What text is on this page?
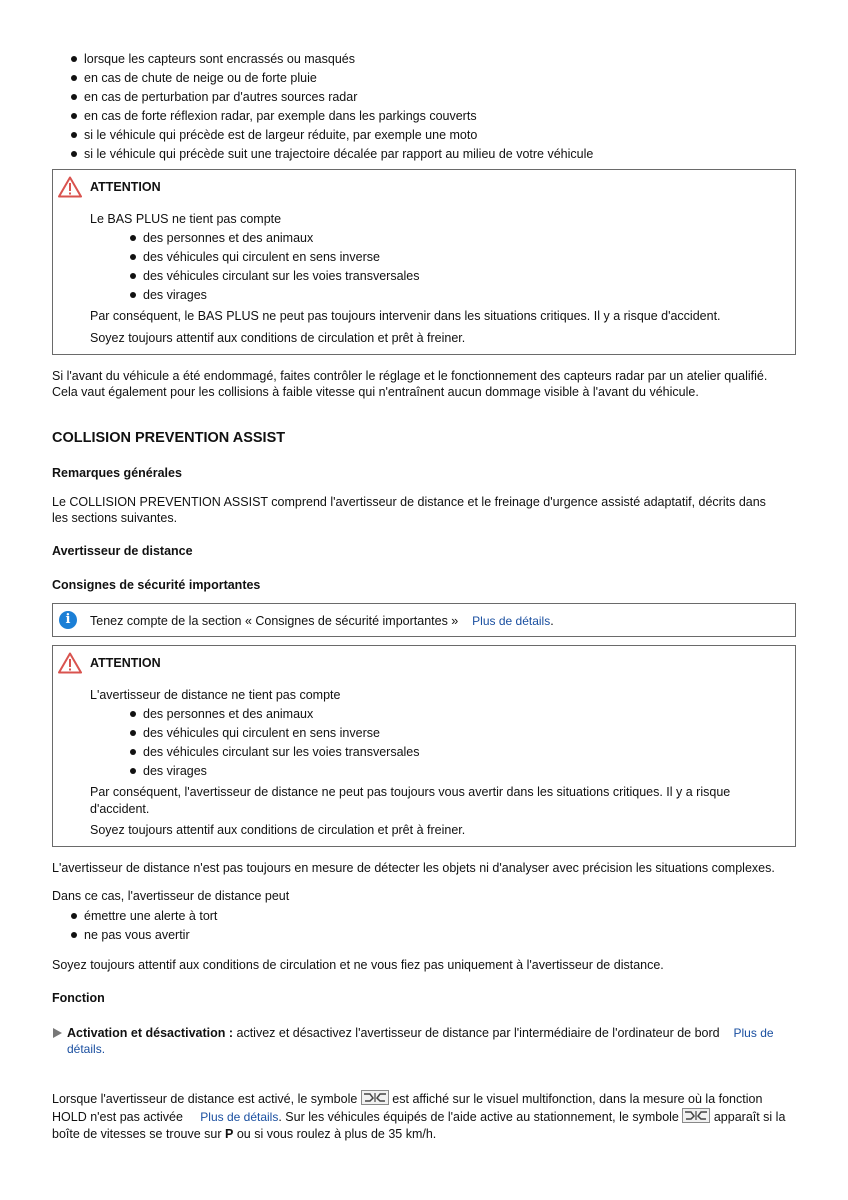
lorsque les capteurs sont encrassés ou masqués
en cas de chute de neige ou de forte pluie
en cas de perturbation par d'autres sources radar
en cas de forte réflexion radar, par exemple dans les parkings couverts
si le véhicule qui précède est de largeur réduite, par exemple une moto
si le véhicule qui précède suit une trajectoire décalée par rapport au milieu de votre véhicule
ATTENTION
Le BAS PLUS ne tient pas compte
des personnes et des animaux
des véhicules qui circulent en sens inverse
des véhicules circulant sur les voies transversales
des virages
Par conséquent, le BAS PLUS ne peut pas toujours intervenir dans les situations critiques. Il y a risque d'accident.
Soyez toujours attentif aux conditions de circulation et prêt à freiner.
Si l'avant du véhicule a été endommagé, faites contrôler le réglage et le fonctionnement des capteurs radar par un atelier qualifié.
Cela vaut également pour les collisions à faible vitesse qui n'entraînent aucun dommage visible à l'avant du véhicule.
COLLISION PREVENTION ASSIST
Remarques générales
Le COLLISION PREVENTION ASSIST comprend l'avertisseur de distance et le freinage d'urgence assisté adaptatif, décrits dans
les sections suivantes.
Avertisseur de distance
Consignes de sécurité importantes
i	Tenez compte de la section « Consignes de sécurité importantes » Plus de détails.
ATTENTION
L'avertisseur de distance ne tient pas compte
des personnes et des animaux
des véhicules qui circulent en sens inverse
des véhicules circulant sur les voies transversales
des virages
Par conséquent, l'avertisseur de distance ne peut pas toujours vous avertir dans les situations critiques. Il y a risque
d'accident.
Soyez toujours attentif aux conditions de circulation et prêt à freiner.
L'avertisseur de distance n'est pas toujours en mesure de détecter les objets ni d'analyser avec précision les situations complexes.
Dans ce cas, l'avertisseur de distance peut
émettre une alerte à tort
ne pas vous avertir
Soyez toujours attentif aux conditions de circulation et ne vous fiez pas uniquement à l'avertisseur de distance.
Fonction
Activation et désactivation : activez et désactivez l'avertisseur de distance par l'intermédiaire de l'ordinateur de bord Plus de
détails.
Lorsque l'avertisseur de distance est activé, le symbole	est affiché sur le visuel multifonction, dans la mesure où la fonction
HOLD n'est pas activée Plus de détails. Sur les véhicules équipés de l'aide active au stationnement, le symbole	apparaît si la
boîte de vitesses se trouve sur P ou si vous roulez à plus de 35 km/h.
